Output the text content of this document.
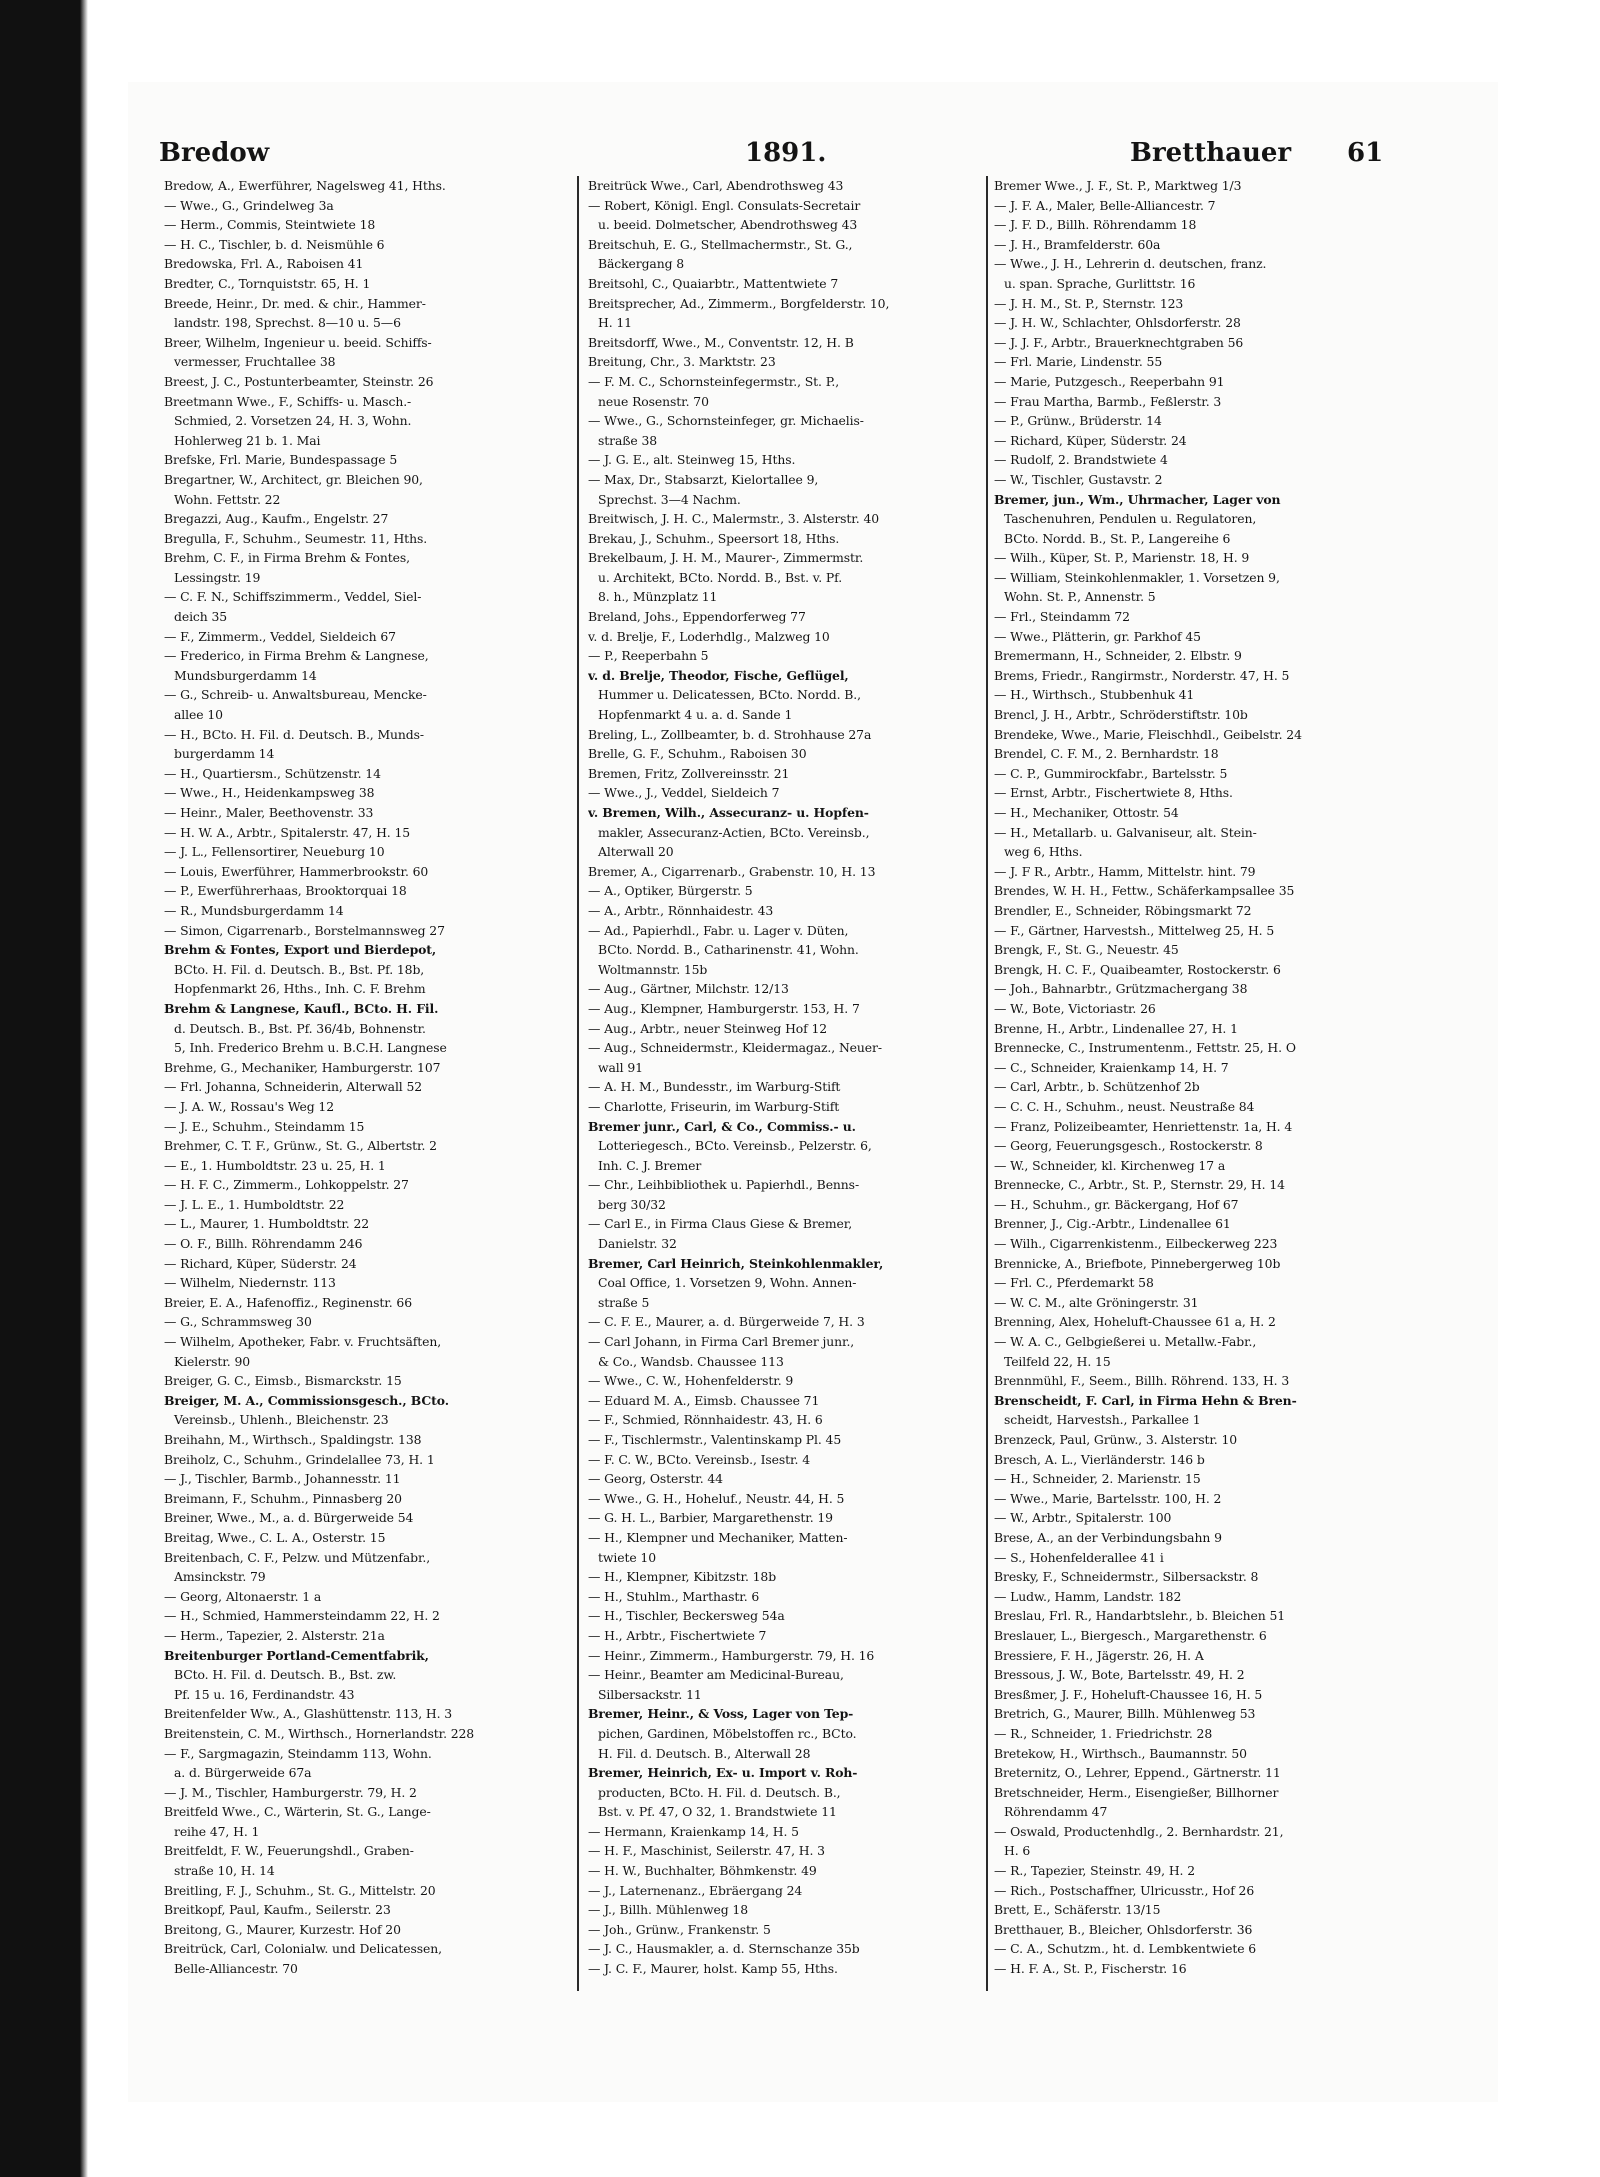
Bredow	1891.	Bretthauer 61
Bredow, A., Ewerführer, Nagelsweg 41, Hths.
— Wwe., G., Grindelweg 3a
— Herm., Commis, Steintwiete 18
— H. C., Tischler, b. d. Neismühle 6
Bredowska, Frl. A., Raboisen 41
Bredter, C., Tornquiststr. 65, H. 1
Breede, Heinr., Dr. med. & chir., Hammer-
landstr. 198, Sprechst. 8—10 u. 5—6
Breer, Wilhelm, Ingenieur u. beeid. Schiffs-
vermesser, Fruchtallee 38
Breest, J. C., Postunterbeamter, Steinstr. 26
Breetmann Wwe., F., Schiffs- u. Masch.-
Schmied, 2. Vorsetzen 24, H. 3, Wohn.
Hohlerweg 21 b. 1. Mai
Brefske, Frl. Marie, Bundespassage 5
Bregartner, W., Architect, gr. Bleichen 90,
Wohn. Fettstr. 22
Bregazzi, Aug., Kaufm., Engelstr. 27
Bregulla, F., Schuhm., Seumestr. 11, Hths.
Brehm, C. F., in Firma Brehm & Fontes,
Lessingstr. 19
— C. F. N., Schiffszimmerm., Veddel, Siel-
deich 35
— F., Zimmerm., Veddel, Sieldeich 67
— Frederico, in Firma Brehm & Langnese,
Mundsburgerdamm 14
— G., Schreib- u. Anwaltsbureau, Mencke-
allee 10
— H., BCto. H. Fil. d. Deutsch. B., Munds-
burgerdamm 14
— H., Quartiersm., Schützenstr. 14
— Wwe., H., Heidenkampsweg 38
— Heinr., Maler, Beethovenstr. 33
— H. W. A., Arbtr., Spitalerstr. 47, H. 15
— J. L., Fellensortirer, Neueburg 10
— Louis, Ewerführer, Hammerbrookstr. 60
— P., Ewerführerhaas, Brooktorquai 18
— R., Mundsburgerdamm 14
— Simon, Cigarrenarb., Borstelmannsweg 27
Brehm & Fontes, Export und Bierdepot,
BCto. H. Fil. d. Deutsch. B., Bst. Pf. 18b,
Hopfenmarkt 26, Hths., Inh. C. F. Brehm
Brehm & Langnese, Kaufl., BCto. H. Fil.
d. Deutsch. B., Bst. Pf. 36/4b, Bohnenstr.
5, Inh. Frederico Brehm u. B.C.H. Langnese
Brehme, G., Mechaniker, Hamburgerstr. 107
— Frl. Johanna, Schneiderin, Alterwall 52
— J. A. W., Rossau's Weg 12
— J. E., Schuhm., Steindamm 15
Brehmer, C. T. F., Grünw., St. G., Albertstr. 2
— E., 1. Humboldtstr. 23 u. 25, H. 1
— H. F. C., Zimmerm., Lohkoppelstr. 27
— J. L. E., 1. Humboldtstr. 22
— L., Maurer, 1. Humboldtstr. 22
— O. F., Billh. Röhrendamm 246
— Richard, Küper, Süderstr. 24
— Wilhelm, Niedernstr. 113
Breier, E. A., Hafenoffiz., Reginenstr. 66
— G., Schrammsweg 30
— Wilhelm, Apotheker, Fabr. v. Fruchtsäften,
Kielerstr. 90
Breiger, G. C., Eimsb., Bismarckstr. 15
Breiger, M. A., Commissionsgesch., BCto.
Vereinsb., Uhlenh., Bleichenstr. 23
Breihahn, M., Wirthsch., Spaldingstr. 138
Breiholz, C., Schuhm., Grindelallee 73, H. 1
— J., Tischler, Barmb., Johannesstr. 11
Breimann, F., Schuhm., Pinnasberg 20
Breiner, Wwe., M., a. d. Bürgerweide 54
Breitag, Wwe., C. L. A., Osterstr. 15
Breitenbach, C. F., Pelzw. und Mützenfabr.,
Amsinckstr. 79
— Georg, Altonaerstr. 1 a
— H., Schmied, Hammersteindamm 22, H. 2
— Herm., Tapezier, 2. Alsterstr. 21a
Breitenburger Portland-Cementfabrik,
BCto. H. Fil. d. Deutsch. B., Bst. zw.
Pf. 15 u. 16, Ferdinandstr. 43
Breitenfelder Ww., A., Glashüttenstr. 113, H. 3
Breitenstein, C. M., Wirthsch., Hornerlandstr. 228
— F., Sargmagazin, Steindamm 113, Wohn.
a. d. Bürgerweide 67a
— J. M., Tischler, Hamburgerstr. 79, H. 2
Breitfeld Wwe., C., Wärterin, St. G., Lange-
reihe 47, H. 1
Breitfeldt, F. W., Feuerungshdl., Graben-
straße 10, H. 14
Breitling, F. J., Schuhm., St. G., Mittelstr. 20
Breitkopf, Paul, Kaufm., Seilerstr. 23
Breitong, G., Maurer, Kurzestr. Hof 20
Breitrück, Carl, Colonialw. und Delicatessen,
Belle-Alliancestr. 70
Breitrück Wwe., Carl, Abendrothsweg 43
— Robert, Königl. Engl. Consulats-Secretair
u. beeid. Dolmetscher, Abendrothsweg 43
Breitschuh, E. G., Stellmachermstr., St. G.,
Bäckergang 8
Breitsohl, C., Quaiarbtr., Mattentwiete 7
Breitsprecher, Ad., Zimmerm., Borgfelderstr. 10,
H. 11
Breitsdorff, Wwe., M., Conventstr. 12, H. B
Breitung, Chr., 3. Marktstr. 23
— F. M. C., Schornsteinfegermstr., St. P.,
neue Rosenstr. 70
— Wwe., G., Schornsteinfeger, gr. Michaelis-
straße 38
— J. G. E., alt. Steinweg 15, Hths.
— Max, Dr., Stabsarzt, Kielortallee 9,
Sprechst. 3—4 Nachm.
Breitwisch, J. H. C., Malermstr., 3. Alsterstr. 40
Brekau, J., Schuhm., Speersort 18, Hths.
Brekelbaum, J. H. M., Maurer-, Zimmermstr.
u. Architekt, BCto. Nordd. B., Bst. v. Pf.
8. h., Münzplatz 11
Breland, Johs., Eppendorferweg 77
v. d. Brelje, F., Loderhdlg., Malzweg 10
— P., Reeperbahn 5
v. d. Brelje, Theodor, Fische, Geflügel,
Hummer u. Delicatessen, BCto. Nordd. B.,
Hopfenmarkt 4 u. a. d. Sande 1
Breling, L., Zollbeamter, b. d. Strohhause 27a
Brelle, G. F., Schuhm., Raboisen 30
Bremen, Fritz, Zollvereinsstr. 21
— Wwe., J., Veddel, Sieldeich 7
v. Bremen, Wilh., Assecuranz- u. Hopfen-
makler, Assecuranz-Actien, BCto. Vereinsb.,
Alterwall 20
Bremer, A., Cigarrenarb., Grabenstr. 10, H. 13
— A., Optiker, Bürgerstr. 5
— A., Arbtr., Rönnhaidestr. 43
— Ad., Papierhdl., Fabr. u. Lager v. Düten,
BCto. Nordd. B., Catharinenstr. 41, Wohn.
Woltmannstr. 15b
— Aug., Gärtner, Milchstr. 12/13
— Aug., Klempner, Hamburgerstr. 153, H. 7
— Aug., Arbtr., neuer Steinweg Hof 12
— Aug., Schneidermstr., Kleidermagaz., Neuer-
wall 91
— A. H. M., Bundesstr., im Warburg-Stift
— Charlotte, Friseurin, im Warburg-Stift
Bremer junr., Carl, & Co., Commiss.- u.
Lotteriegesch., BCto. Vereinsb., Pelzerstr. 6,
Inh. C. J. Bremer
— Chr., Leihbibliothek u. Papierhdl., Benns-
berg 30/32
— Carl E., in Firma Claus Giese & Bremer,
Danielstr. 32
Bremer, Carl Heinrich, Steinkohlenmakler,
Coal Office, 1. Vorsetzen 9, Wohn. Annen-
straße 5
— C. F. E., Maurer, a. d. Bürgerweide 7, H. 3
— Carl Johann, in Firma Carl Bremer junr.,
& Co., Wandsb. Chaussee 113
— Wwe., C. W., Hohenfelderstr. 9
— Eduard M. A., Eimsb. Chaussee 71
— F., Schmied, Rönnhaidestr. 43, H. 6
— F., Tischlermstr., Valentinskamp Pl. 45
— F. C. W., BCto. Vereinsb., Isestr. 4
— Georg, Osterstr. 44
— Wwe., G. H., Hoheluf., Neustr. 44, H. 5
— G. H. L., Barbier, Margarethenstr. 19
— H., Klempner und Mechaniker, Matten-
twiete 10
— H., Klempner, Kibitzstr. 18b
— H., Stuhlm., Marthastr. 6
— H., Tischler, Beckersweg 54a
— H., Arbtr., Fischertwiete 7
— Heinr., Zimmerm., Hamburgerstr. 79, H. 16
— Heinr., Beamter am Medicinal-Bureau,
Silbersackstr. 11
Bremer, Heinr., & Voss, Lager von Tep-
pichen, Gardinen, Möbelstoffen rc., BCto.
H. Fil. d. Deutsch. B., Alterwall 28
Bremer, Heinrich, Ex- u. Import v. Roh-
producten, BCto. H. Fil. d. Deutsch. B.,
Bst. v. Pf. 47, O 32, 1. Brandstwiete 11
— Hermann, Kraienkamp 14, H. 5
— H. F., Maschinist, Seilerstr. 47, H. 3
— H. W., Buchhalter, Böhmkenstr. 49
— J., Laternenanz., Ebräergang 24
— J., Billh. Mühlenweg 18
— Joh., Grünw., Frankenstr. 5
— J. C., Hausmakler, a. d. Sternschanze 35b
— J. C. F., Maurer, holst. Kamp 55, Hths.
Bremer Wwe., J. F., St. P., Marktweg 1/3
— J. F. A., Maler, Belle-Alliancestr. 7
— J. F. D., Billh. Röhrendamm 18
— J. H., Bramfelderstr. 60a
— Wwe., J. H., Lehrerin d. deutschen, franz.
u. span. Sprache, Gurlittstr. 16
— J. H. M., St. P., Sternstr. 123
— J. H. W., Schlachter, Ohlsdorferstr. 28
— J. J. F., Arbtr., Brauerknechtgraben 56
— Frl. Marie, Lindenstr. 55
— Marie, Putzgesch., Reeperbahn 91
— Frau Martha, Barmb., Feßlerstr. 3
— P., Grünw., Brüderstr. 14
— Richard, Küper, Süderstr. 24
— Rudolf, 2. Brandstwiete 4
— W., Tischler, Gustavstr. 2
Bremer, jun., Wm., Uhrmacher, Lager von
Taschenuhren, Pendulen u. Regulatoren,
BCto. Nordd. B., St. P., Langereihe 6
— Wilh., Küper, St. P., Marienstr. 18, H. 9
— William, Steinkohlenmakler, 1. Vorsetzen 9,
Wohn. St. P., Annenstr. 5
— Frl., Steindamm 72
— Wwe., Plätterin, gr. Parkhof 45
Bremermann, H., Schneider, 2. Elbstr. 9
Brems, Friedr., Rangirmstr., Norderstr. 47, H. 5
— H., Wirthsch., Stubbenhuk 41
Brencl, J. H., Arbtr., Schröderstiftstr. 10b
Brendeke, Wwe., Marie, Fleischhdl., Geibelstr. 24
Brendel, C. F. M., 2. Bernhardstr. 18
— C. P., Gummirockfabr., Bartelsstr. 5
— Ernst, Arbtr., Fischertwiete 8, Hths.
— H., Mechaniker, Ottostr. 54
— H., Metallarb. u. Galvaniseur, alt. Stein-
weg 6, Hths.
— J. F R., Arbtr., Hamm, Mittelstr. hint. 79
Brendes, W. H. H., Fettw., Schäferkampsallee 35
Brendler, E., Schneider, Röbingsmarkt 72
— F., Gärtner, Harvestsh., Mittelweg 25, H. 5
Brengk, F., St. G., Neuestr. 45
Brengk, H. C. F., Quaibeamter, Rostockerstr. 6
— Joh., Bahnarbtr., Grützmachergang 38
— W., Bote, Victoriastr. 26
Brenne, H., Arbtr., Lindenallee 27, H. 1
Brennecke, C., Instrumentenm., Fettstr. 25, H. O
— C., Schneider, Kraienkamp 14, H. 7
— Carl, Arbtr., b. Schützenhof 2b
— C. C. H., Schuhm., neust. Neustraße 84
— Franz, Polizeibeamter, Henriettenstr. 1a, H. 4
— Georg, Feuerungsgesch., Rostockerstr. 8
— W., Schneider, kl. Kirchenweg 17 a
Brennecke, C., Arbtr., St. P., Sternstr. 29, H. 14
— H., Schuhm., gr. Bäckergang, Hof 67
Brenner, J., Cig.-Arbtr., Lindenallee 61
— Wilh., Cigarrenkistenm., Eilbeckerweg 223
Brennicke, A., Briefbote, Pinnebergerweg 10b
— Frl. C., Pferdemarkt 58
— W. C. M., alte Gröningerstr. 31
Brenning, Alex, Hoheluft-Chaussee 61 a, H. 2
— W. A. C., Gelbgießerei u. Metallw.-Fabr.,
Teilfeld 22, H. 15
Brennmühl, F., Seem., Billh. Röhrend. 133, H. 3
Brenscheidt, F. Carl, in Firma Hehn & Bren-
scheidt, Harvestsh., Parkallee 1
Brenzeck, Paul, Grünw., 3. Alsterstr. 10
Bresch, A. L., Vierländerstr. 146 b
— H., Schneider, 2. Marienstr. 15
— Wwe., Marie, Bartelsstr. 100, H. 2
— W., Arbtr., Spitalerstr. 100
Brese, A., an der Verbindungsbahn 9
— S., Hohenfelderallee 41 i
Bresky, F., Schneidermstr., Silbersackstr. 8
— Ludw., Hamm, Landstr. 182
Breslau, Frl. R., Handarbtslehr., b. Bleichen 51
Breslauer, L., Biergesch., Margarethenstr. 6
Bressiere, F. H., Jägerstr. 26, H. A
Bressous, J. W., Bote, Bartelsstr. 49, H. 2
Bresßmer, J. F., Hoheluft-Chaussee 16, H. 5
Bretrich, G., Maurer, Billh. Mühlenweg 53
— R., Schneider, 1. Friedrichstr. 28
Bretekow, H., Wirthsch., Baumannstr. 50
Breternitz, O., Lehrer, Eppend., Gärtnerstr. 11
Bretschneider, Herm., Eisengießer, Billhorner
Röhrendamm 47
— Oswald, Productenhdlg., 2. Bernhardstr. 21,
H. 6
— R., Tapezier, Steinstr. 49, H. 2
— Rich., Postschaffner, Ulricusstr., Hof 26
Brett, E., Schäferstr. 13/15
Bretthauer, B., Bleicher, Ohlsdorferstr. 36
— C. A., Schutzm., ht. d. Lembkentwiete 6
— H. F. A., St. P., Fischerstr. 16
